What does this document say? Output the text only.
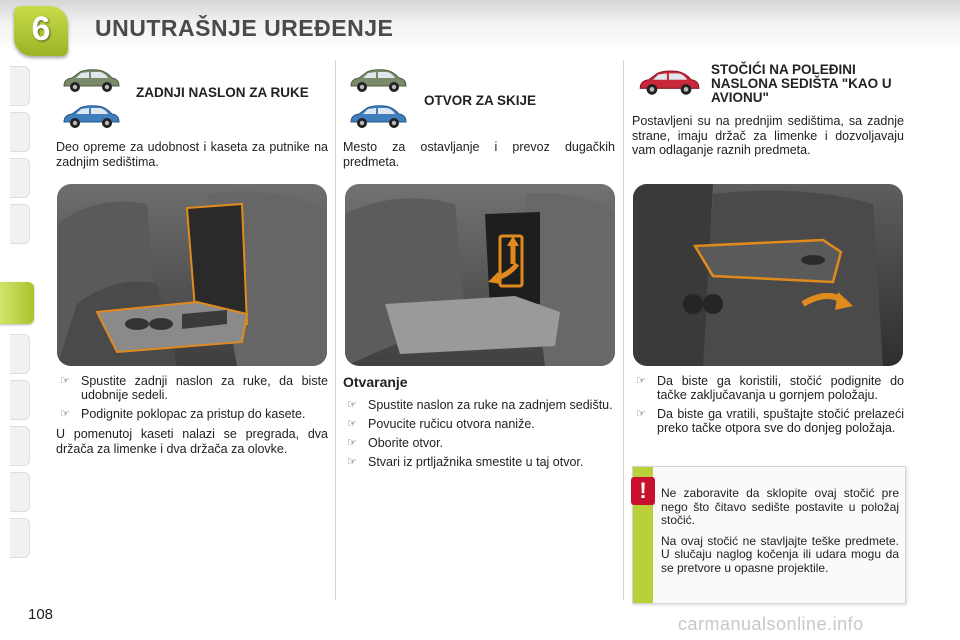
6	UNUTRAŠNJE UREĐENJE
ZADNJI NASLON ZA RUKE

Deo opreme za udobnost i kaseta za putnike na zadnjim sedištima.

☞ Spustite zadnji naslon za ruke, da biste udobnije sedeli.
☞ Podignite poklopac za pristup do kasete.

U pomenutoj kaseti nalazi se pregrada, dva držača za limenke i dva držača za olovke.

OTVOR ZA SKIJE

Mesto za ostavljanje i prevoz dugačkih predmeta.

Otvaranje
☞ Spustite naslon za ruke na zadnjem sedištu.
☞ Povucite ručicu otvora naniže.
☞ Oborite otvor.
☞ Stvari iz prtljažnika smestite u taj otvor.
STOČIĆI NA POLEĐINI NASLONA SEDIŠTA "KAO U AVIONU"

Postavljeni su na prednjim sedištima, sa zadnje strane, imaju držač za limenke i dozvoljavaju vam odlaganje raznih predmeta.

☞ Da biste ga koristili, stočić podignite do tačke zaključavanja u gornjem položaju.
☞ Da biste ga vratili, spuštajte stočić prelazeći preko tačke otpora sve do donjeg položaja.
!	Ne zaboravite da sklopite ovaj stočić pre nego što čitavo sedište postavite u položaj stočić.

Na ovaj stočić ne stavljajte teške predmete. U slučaju naglog kočenja ili udara mogu da se pretvore u opasne projektile.

108	carmanualsonline.info
